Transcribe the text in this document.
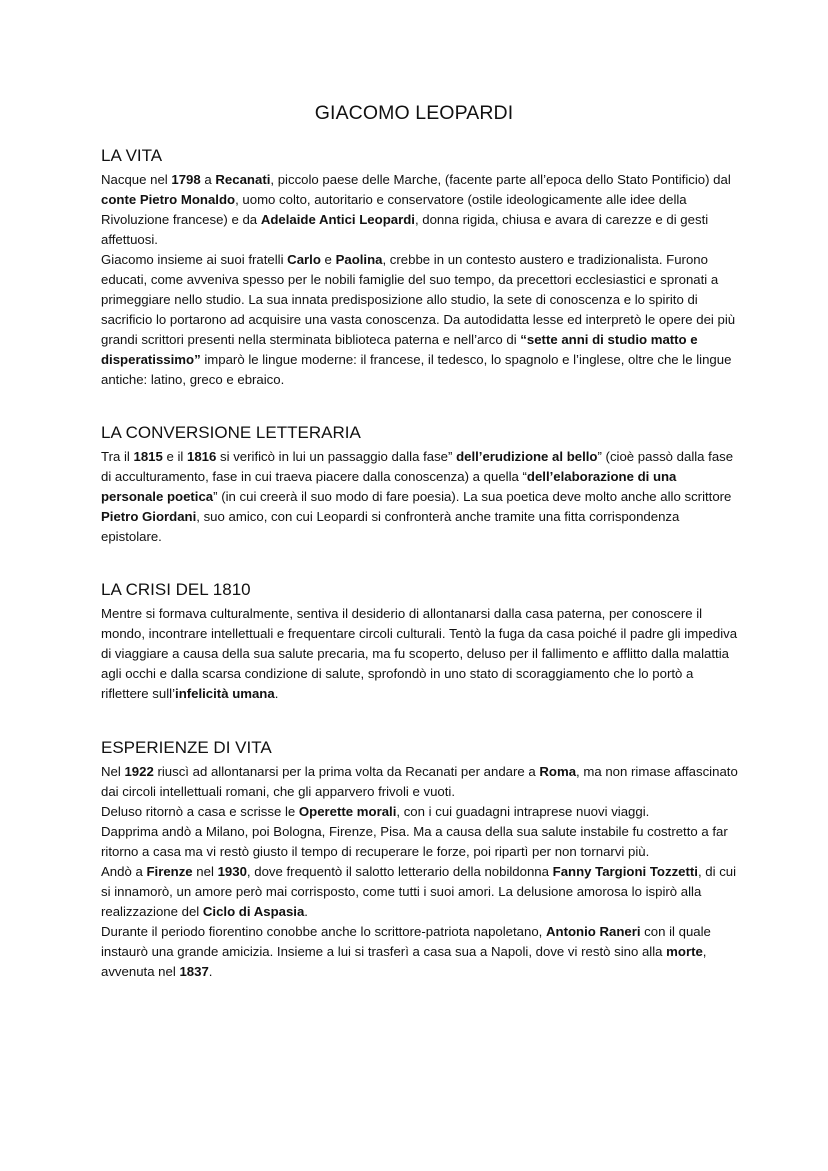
GIACOMO LEOPARDI
LA VITA

Nacque nel 1798 a Recanati, piccolo paese delle Marche, (facente parte all’epoca dello Stato Pontificio) dal conte Pietro Monaldo, uomo colto, autoritario e conservatore (ostile ideologicamente alle idee della Rivoluzione francese) e da Adelaide Antici Leopardi, donna rigida, chiusa e avara di carezze e di gesti affettuosi.

Giacomo insieme ai suoi fratelli Carlo e Paolina, crebbe in un contesto austero e tradizionalista. Furono educati, come avveniva spesso per le nobili famiglie del suo tempo, da precettori ecclesiastici e spronati a primeggiare nello studio. La sua innata predisposizione allo studio, la sete di conoscenza e lo spirito di sacrificio lo portarono ad acquisire una vasta conoscenza. Da autodidatta lesse ed interpretò le opere dei più grandi scrittori presenti nella sterminata biblioteca paterna e nell’arco di “sette anni di studio matto e disperatissimo” imparò le lingue moderne: il francese, il tedesco, lo spagnolo e l’inglese, oltre che le lingue antiche: latino, greco e ebraico.

LA CONVERSIONE LETTERARIA

Tra il 1815 e il 1816 si verificò in lui un passaggio dalla fase” dell’erudizione al bello” (cioè passò dalla fase di acculturamento, fase in cui traeva piacere dalla conoscenza) a quella “dell’elaborazione di una personale poetica” (in cui creerà il suo modo di fare poesia). La sua poetica deve molto anche allo scrittore Pietro Giordani, suo amico, con cui Leopardi si confronterà anche tramite una fitta corrispondenza epistolare.

LA CRISI DEL 1810

Mentre si formava culturalmente, sentiva il desiderio di allontanarsi dalla casa paterna, per conoscere il mondo, incontrare intellettuali e frequentare circoli culturali. Tentò la fuga da casa poiché il padre gli impediva di viaggiare a causa della sua salute precaria, ma fu scoperto, deluso per il fallimento e afflitto dalla malattia agli occhi e dalla scarsa condizione di salute, sprofondò in uno stato di scoraggiamento che lo portò a riflettere sull’infelicità umana.

ESPERIENZE DI VITA

Nel 1922 riuscì ad allontanarsi per la prima volta da Recanati per andare a Roma, ma non rimase affascinato dai circoli intellettuali romani, che gli apparvero frivoli e vuoti.

Deluso ritornò a casa e scrisse le Operette morali, con i cui guadagni intraprese nuovi viaggi.

Dapprima andò a Milano, poi Bologna, Firenze, Pisa. Ma a causa della sua salute instabile fu costretto a far ritorno a casa ma vi restò giusto il tempo di recuperare le forze, poi ripartì per non tornarvi più.

Andò a Firenze nel 1930, dove frequentò il salotto letterario della nobildonna Fanny Targioni Tozzetti, di cui si innamorò, un amore però mai corrisposto, come tutti i suoi amori. La delusione amorosa lo ispirò alla realizzazione del Ciclo di Aspasia.

Durante il periodo fiorentino conobbe anche lo scrittore-patriota napoletano, Antonio Raneri con il quale instaurò una grande amicizia. Insieme a lui si trasferì a casa sua a Napoli, dove vi restò sino alla morte, avvenuta nel 1837.
